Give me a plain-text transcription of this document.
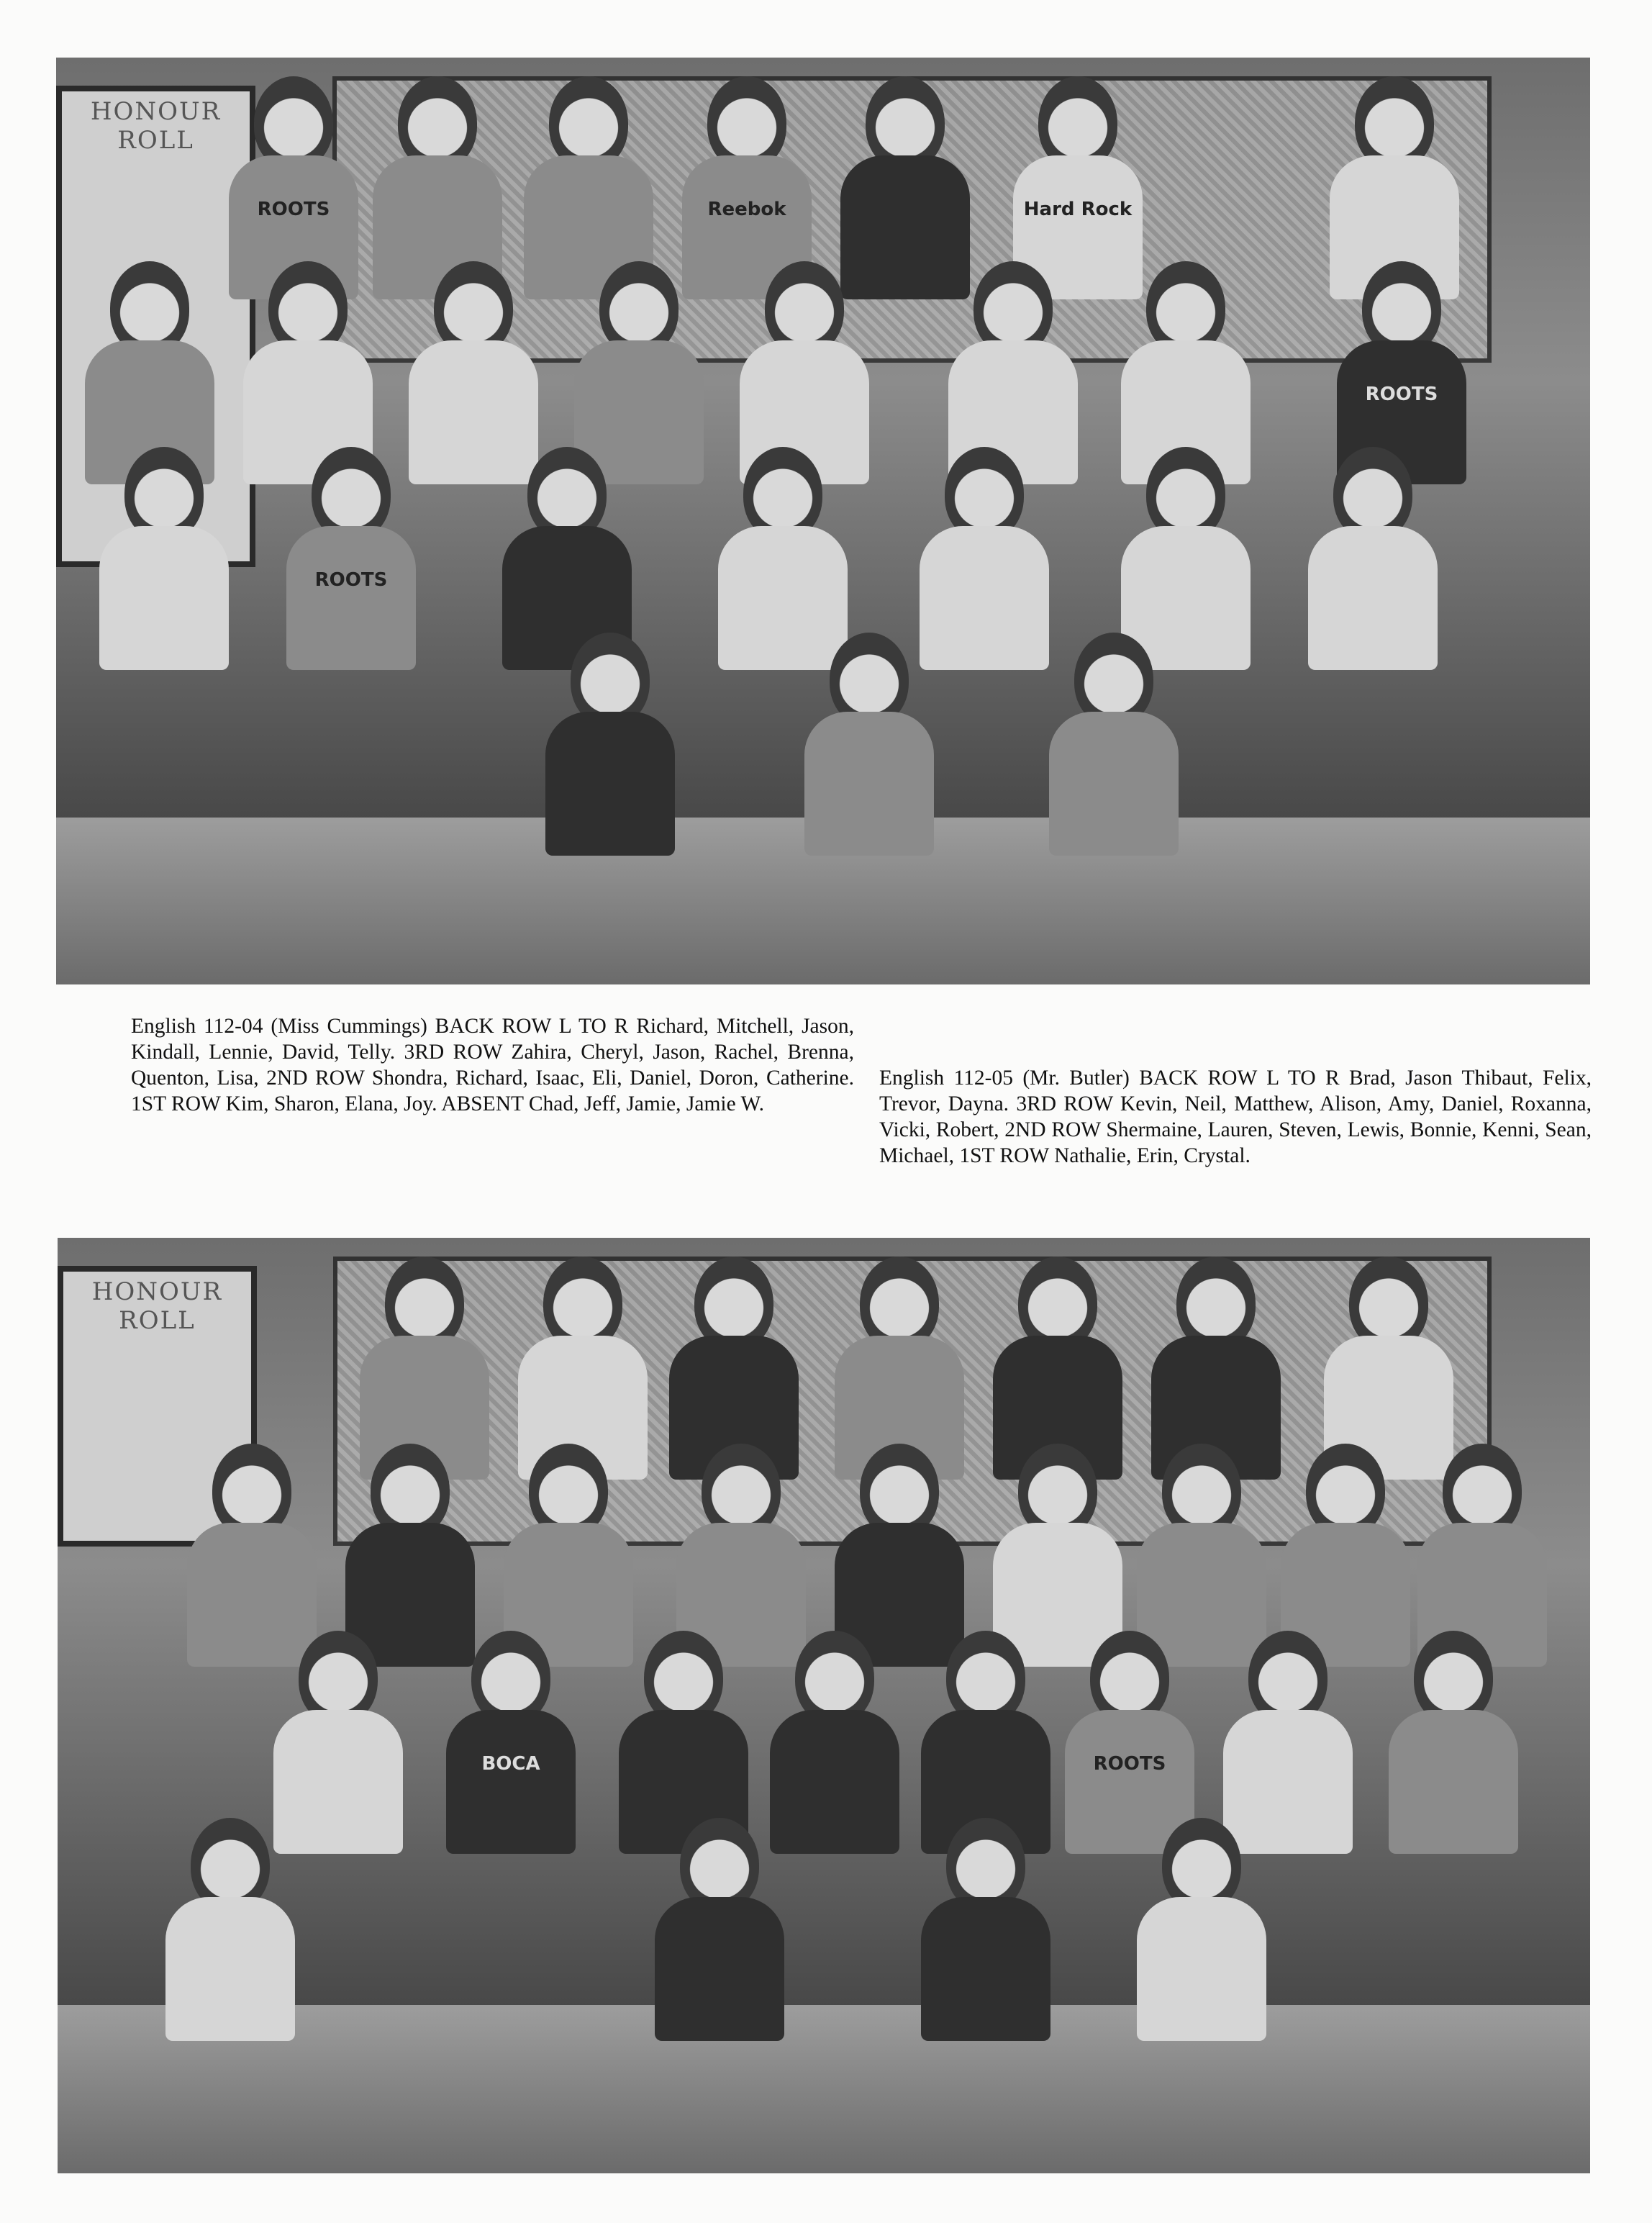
HONOUR ROLL
ROOTS	Reebok	Hard Rock
ROOTS
ROOTS

English 112-04 (Miss Cummings) BACK ROW L TO R Richard, Mitchell, Jason, Kindall, Lennie, David, Telly. 3RD ROW Zahira, Cheryl, Jason, Rachel, Brenna, Quenton, Lisa, 2ND ROW Shondra, Richard, Isaac, Eli, Daniel, Doron, Catherine. 1ST ROW Kim, Sharon, Elana, Joy. ABSENT Chad, Jeff, Jamie, Jamie W.

English 112-05 (Mr. Butler) BACK ROW L TO R Brad, Jason Thibaut, Felix, Trevor, Dayna. 3RD ROW Kevin, Neil, Matthew, Alison, Amy, Daniel, Roxanna, Vicki, Robert, 2ND ROW Shermaine, Lauren, Steven, Lewis, Bonnie, Kenni, Sean, Michael, 1ST ROW Nathalie, Erin, Crystal.

HONOUR ROLL
BOCA	ROOTS
